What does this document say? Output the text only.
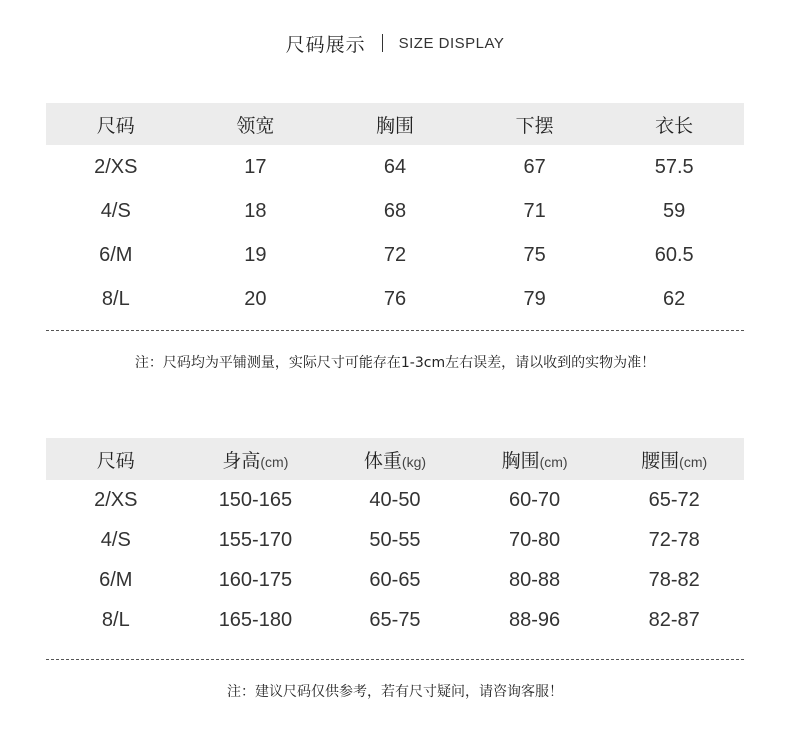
尺码展示 SIZE DISPLAY
尺码	领宽	胸围	下摆	衣长
2/XS	17	64	67	57.5
4/S	18	68	71	59
6/M	19	72	75	60.5
8/L	20	76	79	62
注：尺码均为平铺测量，实际尺寸可能存在1-3cm左右误差，请以收到的实物为准！
尺码	身高(cm)	体重(kg)	胸围(cm)	腰围(cm)
2/XS	150-165	40-50	60-70	65-72
4/S	155-170	50-55	70-80	72-78
6/M	160-175	60-65	80-88	78-82
8/L	165-180	65-75	88-96	82-87
注：建议尺码仅供参考，若有尺寸疑问，请咨询客服！
